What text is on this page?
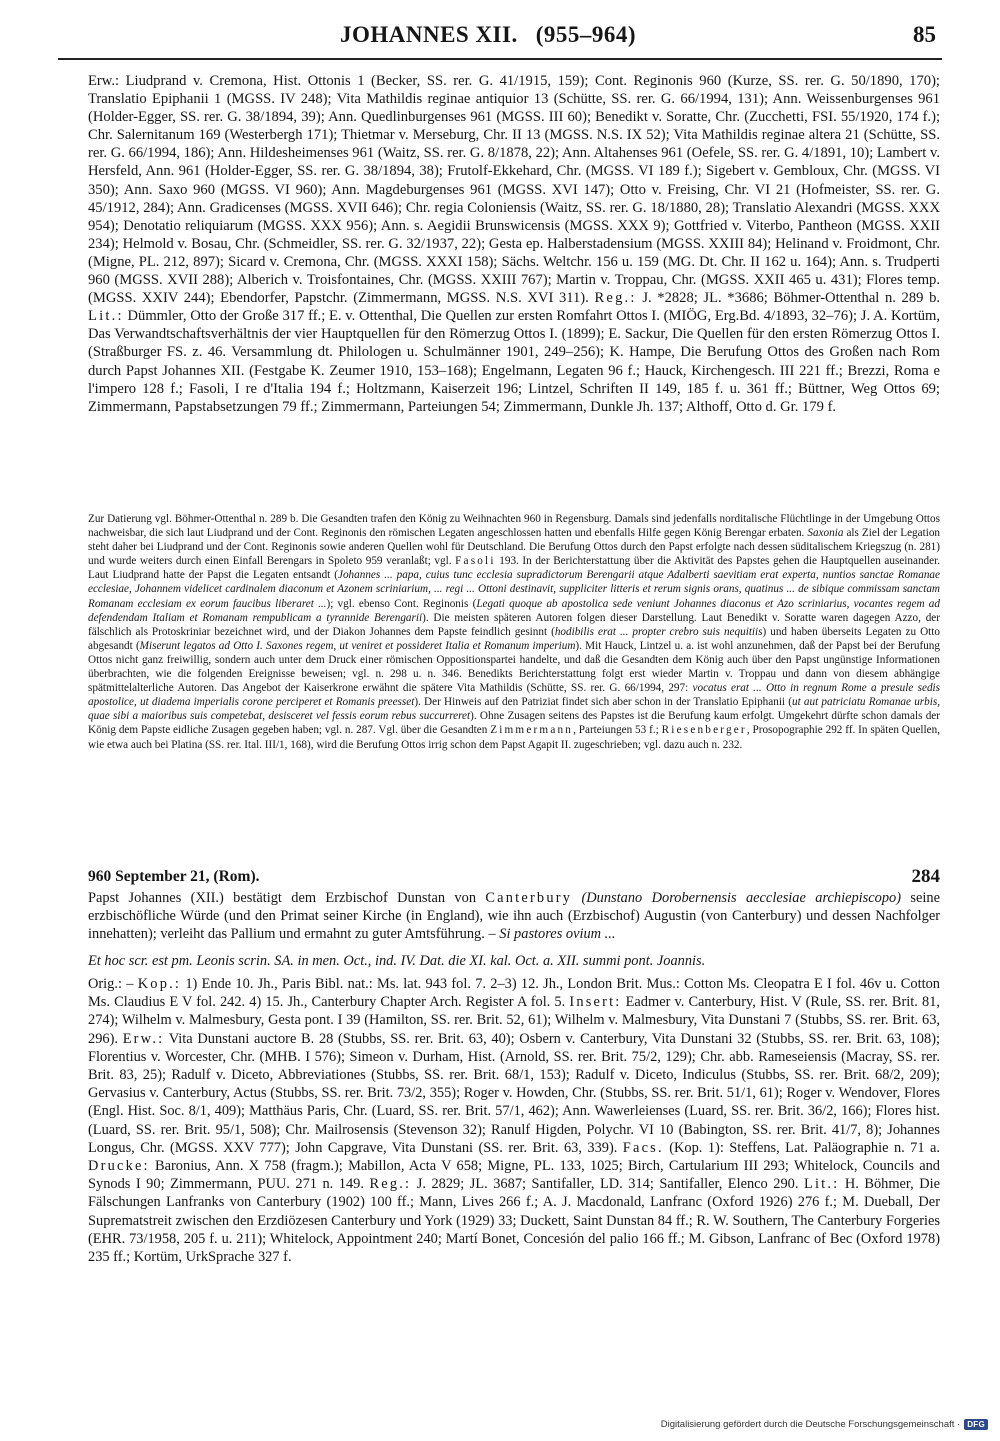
JOHANNES XII. (955–964)	85
Erw.: Liudprand v. Cremona, Hist. Ottonis 1 (Becker, SS. rer. G. 41/1915, 159); Cont. Reginonis 960 (Kurze, SS. rer. G. 50/1890, 170); Translatio Epiphanii 1 (MGSS. IV 248); Vita Mathildis reginae antiquior 13 (Schütte, SS. rer. G. 66/1994, 131); Ann. Weissenburgenses 961 (Holder-Egger, SS. rer. G. 38/1894, 39); Ann. Quedlinburgenses 961 (MGSS. III 60); Benedikt v. Soratte, Chr. (Zucchetti, FSI. 55/1920, 174 f.); Chr. Salernitanum 169 (Westerbergh 171); Thietmar v. Merseburg, Chr. II 13 (MGSS. N.S. IX 52); Vita Mathildis reginae altera 21 (Schütte, SS. rer. G. 66/1994, 186); Ann. Hildesheimenses 961 (Waitz, SS. rer. G. 8/1878, 22); Ann. Altahenses 961 (Oefele, SS. rer. G. 4/1891, 10); Lambert v. Hersfeld, Ann. 961 (Holder-Egger, SS. rer. G. 38/1894, 38); Frutolf-Ekkehard, Chr. (MGSS. VI 189 f.); Sigebert v. Gembloux, Chr. (MGSS. VI 350); Ann. Saxo 960 (MGSS. VI 960); Ann. Magdeburgenses 961 (MGSS. XVI 147); Otto v. Freising, Chr. VI 21 (Hofmeister, SS. rer. G. 45/1912, 284); Ann. Gradicenses (MGSS. XVII 646); Chr. regia Coloniensis (Waitz, SS. rer. G. 18/1880, 28); Translatio Alexandri (MGSS. XXX 954); Denotatio reliquiarum (MGSS. XXX 956); Ann. s. Aegidii Brunswicensis (MGSS. XXX 9); Gottfried v. Viterbo, Pantheon (MGSS. XXII 234); Helmold v. Bosau, Chr. (Schmeidler, SS. rer. G. 32/1937, 22); Gesta ep. Halberstadensium (MGSS. XXIII 84); Helinand v. Froidmont, Chr. (Migne, PL. 212, 897); Sicard v. Cremona, Chr. (MGSS. XXXI 158); Sächs. Weltchr. 156 u. 159 (MG. Dt. Chr. II 162 u. 164); Ann. s. Trudperti 960 (MGSS. XVII 288); Alberich v. Troisfontaines, Chr. (MGSS. XXIII 767); Martin v. Troppau, Chr. (MGSS. XXII 465 u. 431); Flores temp. (MGSS. XXIV 244); Ebendorfer, Papstchr. (Zimmermann, MGSS. N.S. XVI 311). Reg.: J. *2828; JL. *3686; Böhmer-Ottenthal n. 289 b. Lit.: Dümmler, Otto der Große 317 ff.; E. v. Ottenthal, Die Quellen zur ersten Romfahrt Ottos I. (MIÖG, Erg.Bd. 4/1893, 32–76); J. A. Kortüm, Das Verwandtschaftsverhältnis der vier Hauptquellen für den Römerzug Ottos I. (1899); E. Sackur, Die Quellen für den ersten Römerzug Ottos I. (Straßburger FS. z. 46. Versammlung dt. Philologen u. Schulmänner 1901, 249–256); K. Hampe, Die Berufung Ottos des Großen nach Rom durch Papst Johannes XII. (Festgabe K. Zeumer 1910, 153–168); Engelmann, Legaten 96 f.; Hauck, Kirchengesch. III 221 ff.; Brezzi, Roma e l'impero 128 f.; Fasoli, I re d'Italia 194 f.; Holtzmann, Kaiserzeit 196; Lintzel, Schriften II 149, 185 f. u. 361 ff.; Büttner, Weg Ottos 69; Zimmermann, Papstabsetzungen 79 ff.; Zimmermann, Parteiungen 54; Zimmermann, Dunkle Jh. 137; Althoff, Otto d. Gr. 179 f.
Zur Datierung vgl. Böhmer-Ottenthal n. 289 b. Die Gesandten trafen den König zu Weihnachten 960 in Regensburg. Damals sind jedenfalls norditalische Flüchtlinge in der Umgebung Ottos nachweisbar, die sich laut Liudprand und der Cont. Reginonis den römischen Legaten angeschlossen hatten und ebenfalls Hilfe gegen König Berengar erbaten. Saxonia als Ziel der Legation steht daher bei Liudprand und der Cont. Reginonis sowie anderen Quellen wohl für Deutschland. Die Berufung Ottos durch den Papst erfolgte nach dessen süditalischem Kriegszug (n. 281) und wurde weiters durch einen Einfall Berengars in Spoleto 959 veranlaßt; vgl. Fasoli 193. In der Berichterstattung über die Aktivität des Papstes gehen die Hauptquellen auseinander. Laut Liudprand hatte der Papst die Legaten entsandt (Johannes ... papa, cuius tunc ecclesia supradictorum Berengarii atque Adalberti saevitiam erat experta, nuntios sanctae Romanae ecclesiae, Johannem videlicet cardinalem diaconum et Azonem scriniarium, ... regi ... Ottoni destinavit, suppliciter litteris et rerum signis orans, quatinus ... de sibique commissam sanctam Romanam ecclesiam ex eorum faucibus liberaret ...); vgl. ebenso Cont. Reginonis (Legati quoque ab apostolica sede veniunt Johannes diaconus et Azo scriniarius, vocantes regem ad defendendam Italiam et Romanam rempublicam a tyrannide Berengarii). Die meisten späteren Autoren folgen dieser Darstellung. Laut Benedikt v. Soratte waren dagegen Azzo, der fälschlich als Protoskriniar bezeichnet wird, und der Diakon Johannes dem Papste feindlich gesinnt (hodibilis erat ... propter crebro suis nequitiis) und haben überseits Legaten zu Otto abgesandt (Miserunt legatos ad Otto I. Saxones regem, ut veniret et possideret Italia et Romanum imperium). Mit Hauck, Lintzel u. a. ist wohl anzunehmen, daß der Papst bei der Berufung Ottos nicht ganz freiwillig, sondern auch unter dem Druck einer römischen Oppositionspartei handelte, und daß die Gesandten dem König auch über den Papst ungünstige Informationen überbrachten, wie die folgenden Ereignisse beweisen; vgl. n. 298 u. n. 346. Benedikts Berichterstattung folgt erst wieder Martin v. Troppau und dann von diesem abhängige spätmittelalterliche Autoren. Das Angebot der Kaiserkrone erwähnt die spätere Vita Mathildis (Schütte, SS. rer. G. 66/1994, 297: vocatus erat ... Otto in regnum Rome a presule sedis apostolice, ut diadema imperialis corone perciperet et Romanis preesset). Der Hinweis auf den Patriziat findet sich aber schon in der Translatio Epiphanii (ut aut patriciatu Romanae urbis, quae sibi a maioribus suis competebat, desisceret vel fessis eorum rebus succurreret). Ohne Zusagen seitens des Papstes ist die Berufung kaum erfolgt. Umgekehrt dürfte schon damals der König dem Papste eidliche Zusagen gegeben haben; vgl. n. 287. Vgl. über die Gesandten Zimmermann, Parteiungen 53 f.; Riesenberger, Prosopographie 292 ff. In späten Quellen, wie etwa auch bei Platina (SS. rer. Ital. III/1, 168), wird die Berufung Ottos irrig schon dem Papst Agapit II. zugeschrieben; vgl. dazu auch n. 232.
960 September 21, (Rom).	284
Papst Johannes (XII.) bestätigt dem Erzbischof Dunstan von Canterbury (Dunstano Dorobernensis aecclesiae archiepiscopo) seine erzbischöfliche Würde (und den Primat seiner Kirche (in England), wie ihn auch (Erzbischof) Augustin (von Canterbury) und dessen Nachfolger innehatten); verleiht das Pallium und ermahnt zu guter Amtsführung. – Si pastores ovium ...
Et hoc scr. est pm. Leonis scrin. SA. in men. Oct., ind. IV. Dat. die XI. kal. Oct. a. XII. summi pont. Joannis.
Orig.: – Kop.: 1) Ende 10. Jh., Paris Bibl. nat.: Ms. lat. 943 fol. 7. 2–3) 12. Jh., London Brit. Mus.: Cotton Ms. Cleopatra E I fol. 46v u. Cotton Ms. Claudius E V fol. 242. 4) 15. Jh., Canterbury Chapter Arch. Register A fol. 5. Insert: Eadmer v. Canterbury, Hist. V (Rule, SS. rer. Brit. 81, 274); Wilhelm v. Malmesbury, Gesta pont. I 39 (Hamilton, SS. rer. Brit. 52, 61); Wilhelm v. Malmesbury, Vita Dunstani 7 (Stubbs, SS. rer. Brit. 63, 296). Erw.: Vita Dunstani auctore B. 28 (Stubbs, SS. rer. Brit. 63, 40); Osbern v. Canterbury, Vita Dunstani 32 (Stubbs, SS. rer. Brit. 63, 108); Florentius v. Worcester, Chr. (MHB. I 576); Simeon v. Durham, Hist. (Arnold, SS. rer. Brit. 75/2, 129); Chr. abb. Rameseiensis (Macray, SS. rer. Brit. 83, 25); Radulf v. Diceto, Abbreviationes (Stubbs, SS. rer. Brit. 68/1, 153); Radulf v. Diceto, Indiculus (Stubbs, SS. rer. Brit. 68/2, 209); Gervasius v. Canterbury, Actus (Stubbs, SS. rer. Brit. 73/2, 355); Roger v. Howden, Chr. (Stubbs, SS. rer. Brit. 51/1, 61); Roger v. Wendover, Flores (Engl. Hist. Soc. 8/1, 409); Matthäus Paris, Chr. (Luard, SS. rer. Brit. 57/1, 462); Ann. Wawerleienses (Luard, SS. rer. Brit. 36/2, 166); Flores hist. (Luard, SS. rer. Brit. 95/1, 508); Chr. Mailrosensis (Stevenson 32); Ranulf Higden, Polychr. VI 10 (Babington, SS. rer. Brit. 41/7, 8); Johannes Longus, Chr. (MGSS. XXV 777); John Capgrave, Vita Dunstani (SS. rer. Brit. 63, 339). Facs. (Kop. 1): Steffens, Lat. Paläographie n. 71 a. Drucke: Baronius, Ann. X 758 (fragm.); Mabillon, Acta V 658; Migne, PL. 133, 1025; Birch, Cartularium III 293; Whitelock, Councils and Synods I 90; Zimmermann, PUU. 271 n. 149. Reg.: J. 2829; JL. 3687; Santifaller, LD. 314; Santifaller, Elenco 290. Lit.: H. Böhmer, Die Fälschungen Lanfranks von Canterbury (1902) 100 ff.; Mann, Lives 266 f.; A. J. Macdonald, Lanfranc (Oxford 1926) 276 f.; M. Dueball, Der Suprematstreit zwischen den Erzdiözesen Canterbury und York (1929) 33; Duckett, Saint Dunstan 84 ff.; R. W. Southern, The Canterbury Forgeries (EHR. 73/1958, 205 f. u. 211); Whitelock, Appointment 240; Martí Bonet, Concesión del palio 166 ff.; M. Gibson, Lanfranc of Bec (Oxford 1978) 235 ff.; Kortüm, UrkSprache 327 f.
Digitalisierung gefördert durch die Deutsche Forschungsgemeinschaft · DFG
